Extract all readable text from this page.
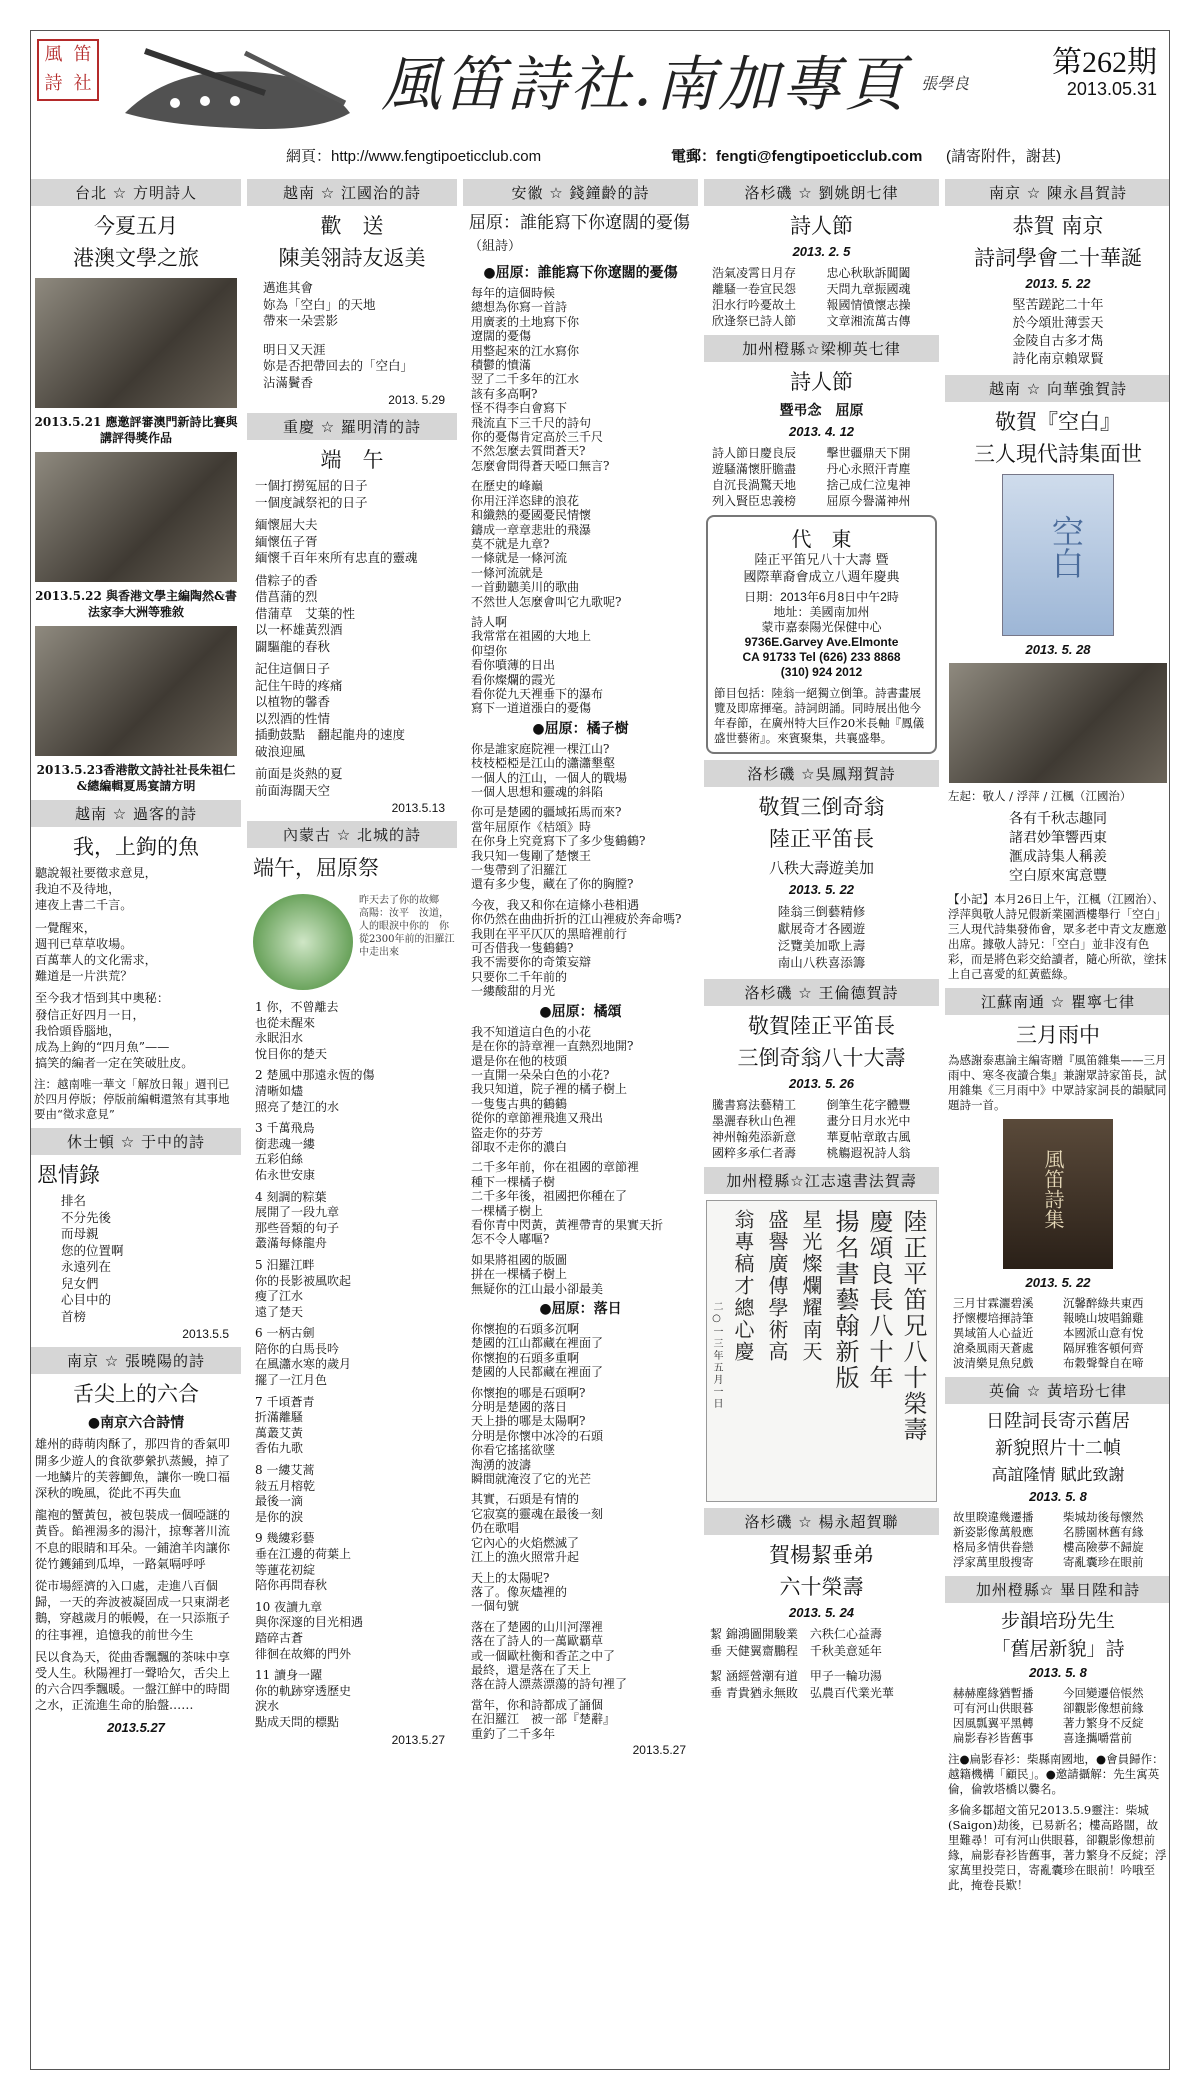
風 笛
詩 社	風笛詩社.南加專頁 張學良
第262期
2013.05.31
網頁：http://www.fengtipoeticclub.com	電郵：fengti@fengtipoeticclub.com (請寄附件，謝甚)
台北 ☆ 方明詩人
今夏五月
港澳文學之旅
2013.5.21 應邀評審澳門新詩比賽與講評得獎作品
2013.5.22 與香港文學主編陶然&書法家李大洲等雅敘
2013.5.23香港散文詩社社長朱祖仁&總編輯夏馬宴請方明
越南 ☆ 過客的詩
我，上鉤的魚
聽說報社要徵求意見，
我迫不及待地，
連夜上書二千言。
一覺醒來，
週刊已草草收場。
百萬華人的文化需求，
難道是一片洪荒？
至今我才悟到其中奧秘：
發信正好四月一日，
我恰頭昏腦地，
成為上鉤的“四月魚”——
搞笑的編者一定在笑破肚皮。
注：越南唯一華文「解放日報」週刊已於四月停版；停版前編輯還煞有其事地要由“徵求意見”
休士頓 ☆ 于中的詩
恩情錄
排名
不分先後
而母親
您的位置啊
永遠列在
兒女們
心目中的
首榜
2013.5.5
南京 ☆ 張曉陽的詩
舌尖上的六合
●南京六合詩情

雄州的蒔萌肉酥了，那四肯的香氣叩開多少遊人的食欲夢縈扒蒸鰻，掉了一地鱗片的芙蓉鯽魚，讓你一晚口福深秋的晚風，從此不再失血

龍袍的蟹黃包，被包裝成一個啞謎的黃昏。餡裡湯多的湯汁，掠奪著川流不息的眼睛和耳朵。一鋪滄羊肉讓你從竹鑊鋪到瓜埠，一路氣嗝呼呼

從市場經濟的入口處，走進八百個歸，一天的奔波被凝固成一只東湖老鵝，穿越歲月的帳幔，在一只添瓶子的往事裡，追憶我的前世今生

民以食為天，從曲香飄飄的茶味中享受人生。秋陽裡打一聲哈欠，舌尖上的六合四季飄暖。一盤江鮮中的時間之水，正流進生命的胎盤……

2013.5.27
越南 ☆ 江國治的詩
歡　送
陳美翎詩友返美
邁進其會
妳為「空白」的天地
帶來一朵雲影
明日又天涯
妳是否把帶回去的「空白」
沾滿鬢香
2013. 5.29
重慶 ☆ 羅明清的詩
端　午
一個打撈冤屈的日子
一個度誠祭祀的日子
緬懷屈大夫
緬懷伍子胥
緬懷千百年來所有忠直的靈魂
借粽子的香
借菖蒲的烈
借蒲草　艾葉的性
以一杯雄黃烈酒
闢驅龍的春秋
記住這個日子
記住午時的疼痛
以植物的馨香
以烈酒的性情
插動鼓點　翻起龍舟的速度
破浪迎風
前面是炎熱的夏
前面海闊天空
2013.5.13
內蒙古 ☆ 北城的詩
端午，屈原祭
昨天去了你的故鄉　高陽：汝平　汝道，人的眼淚中你的　你從2300年前的汨羅江中走出來
1 你，不曾離去
也從未醒來
永眠汨水
悅目你的楚天
2 楚風中那遠永恆的傷
清晰如燼
照亮了楚江的水
3 千萬飛鳥
銜悲魂一縷
五彩伯絲
佑永世安康
4 刻調的粽葉
展開了一段九章
那些晉類的句子
叢滿每條龍舟
5 汨羅江畔
你的長影被風吹起
瘦了江水
遠了楚天
6 一柄古劍
陪你的白馬長吟
在風瀟水寒的歲月
擺了一江月色
7 千頃蒼青
折滿離騷
萬叢艾黃
香佑九歌
8 一縷艾蒿
敍五月榕乾
最後一滴
是你的淚
9 幾縷彩藝
垂在江邊的荷葉上
等蓮花初綻
陪你再問春秋
10 夜讀九章
與你深邃的目光相遇
踏碎古蒼
徘徊在故鄉的門外
11 讀身一躍
你的軌跡穿透歷史
淚水
點成天問的標點
2013.5.27
安徽 ☆ 錢鐘齡的詩
屈原：誰能寫下你遼闊的憂傷（組詩）
●屈原：誰能寫下你遼闊的憂傷
每年的這個時候
總想為你寫一首詩
用廣袤的土地寫下你
遼闊的憂傷
用整起來的江水寫你
積鬱的憤滿
翌了二千多年的江水
該有多高啊?
怪不得李白會寫下
飛流直下三千尺的詩句
你的憂傷肯定高於三千尺
不然怎麼去質問蒼天?
怎麼會問得蒼天啞口無言?
在歷史的峰巔
你用汪洋恣肆的浪花
和纖熱的憂國憂民情懷
鑄成一章章悲壯的飛瀑
莫不就是九章?
一條就是一條河流
一條河流就是
一首動聽美川的歌曲
不然世人怎麼會叫它九歌呢?
詩人啊
我常常在祖國的大地上
仰望你
看你噴薄的日出
看你燦爛的霞光
看你從九天裡垂下的瀑布
寫下一道道漲白的憂傷
●屈原：橘子樹
你是誰家庭院裡一棵江山?
枝枝椏椏是江山的瀟瀟墾壑
一個人的江山，一個人的戰場
一個人思想和靈魂的斜陷
你可是楚國的疆域拓馬而來?
當年屈原作《桔頌》時
在你身上究竟寫下了多少隻鶴鶴?
我只知一隻剛了楚懷王
一隻帶到了汨羅江
還有多少隻，藏在了你的胸膛?
今夜，我又和你在這條小巷相遇
你仍然在曲曲折折的江山裡疲於奔命嗎?
我則在平平仄仄的黑暗裡前行
可否借我一隻鶴鶴?
我不需要你的奇策妄辯
只要你二千年前的
一縷酸甜的月光
●屈原：橘頌
我不知道這白色的小花
是在你的詩章裡一直熱烈地開?
還是你在他的枝頭
一直開一朵朵白色的小花?
我只知道，院子裡的橘子樹上
一隻隻古典的鶴鶴
從你的章節裡飛進又飛出
盜走你的芬芳
卻取不走你的濃白
二千多年前，你在祖國的章節裡
種下一棵橘子樹
二千多年後，祖國把你種在了
一棵橘子樹上
看你青中閃黃，黃裡帶青的果實天折
怎不令人嘟嘔?
如果將祖國的版圖
拼在一棵橘子樹上
無疑你的江山最小卻最美
●屈原：落日
你懷抱的石頭多沉啊
楚國的江山都藏在裡面了
你懷抱的石頭多重啊
楚國的人民都藏在裡面了
你懷抱的哪是石頭啊?
分明是楚國的落日
天上掛的哪是太陽啊?
分明是你懷中冰冷的石頭
你看它搖搖欲墜
淘湧的波濤
瞬間就淹沒了它的光芒
其實，石頭是有情的
它寂寞的靈魂在最後一刻
仍在歌唱
它內心的火焰燃滅了
江上的漁火照常升起
天上的太陽呢?
落了。像灰燼裡的
一個句號
落在了楚國的山川河澤裡
落在了詩人的一萬歐覇草
或一個歐杜衡和香芷之中了
最終，還是落在了天上
落在詩人漂蒸漂蕩的詩句裡了
當年，你和詩都成了誦個
在汨羅江　被一部『楚辭』
重釣了二千多年
2013.5.27
洛杉磯 ☆ 劉姚朗七律
詩人節
2013. 2. 5
浩氣凌霄日月存	忠心秋耿訴閶闔
離騷一卷宣民怨	天問九章振國魂
汨水行吟憂故土	報國情憤懷志操
欣逢祭已詩人節	文章湘流萬古傳
加州橙縣☆梁柳英七律
詩人節
暨弔念　屈原
2013. 4. 12
詩人節日慶良辰	擊世疆鼎天下開
遊騷滿懷肝膽盡	丹心永照汗青塵
自沉長渦驚天地	捨己成仁泣鬼神
列入賢臣忠義榜	屈原今譽滿神州
代　東
陸正平笛兄八十大壽 暨
國際華裔會成立八週年慶典
日期：2013年6月8日中午2時
地址：美國南加州
蒙市嘉泰陽光保健中心
9736E.Garvey Ave.Elmonte
CA 91733 Tel (626) 233 8868
(310) 924 2012
節目包括：陸翁一絕獨立倒筆。詩書畫展覽及即席揮毫。詩詞朗誦。同時展出他今年春節，在廣州特大巨作20米長軸『鳳儀盛世藝術』。來賓聚集，共襄盛舉。
洛杉磯 ☆吳鳳翔賀詩
敬賀三倒奇翁
陸正平笛長
八秩大壽遊美加
2013. 5. 22
陸翁三倒藝精修
獻展奇才各國遊
泛覽美加歌上壽
南山八秩喜添籌
洛杉磯 ☆ 王倫德賀詩
敬賀陸正平笛長
三倒奇翁八十大壽
2013. 5. 26
騰書寫法藝精工	倒筆生花字體豐
墨灑春秋山色裡	畫分日月水光中
神州翰苑添新意	華夏帖章敢古風
國粹多承仁者壽	桃觴遐祝詩人翁
加州橙縣☆江志遠書法賀壽
陸正平笛兄八十榮壽
慶頌良長八十年
揚名書藝翰新版
星光燦爛耀南天
盛譽廣傳學術高
翁專稿才總心慶
二○一三年五月一日
洛杉磯 ☆ 楊永超賀聯
賀楊絜垂弟
六十榮壽
2013. 5. 24
絜 錦鴻圖開駿業　六秩仁心益壽
垂 天健翼齋鵬程　千秋美意延年
絜 涵經營潮有道　甲子一輪功湯
垂 青貴猶永無敗　弘農百代業光華
南京 ☆ 陳永昌賀詩
恭賀 南京
詩詞學會二十華誕
2013. 5. 22
堅苦蹉跎二十年
於今頌壯薄雲天
金陵自古多才雋
詩化南京賴眾賢
越南 ☆ 向華強賀詩
敬賀『空白』
三人現代詩集面世
空白
2013. 5. 28
左起：敬人 / 浮萍 / 江楓（江國治）
各有千秋志趣同
諸君妙筆響西東
滙成詩集人稱羨
空白原來寓意豐
【小記】本月26日上午，江楓（江國治）、浮萍與敬人詩兄假新業園酒樓舉行「空白」三人現代詩集發佈會，眾多老中青文友應邀出席。據敬人詩兄：「空白」並非沒有色彩，而是將色彩交給讀者，隨心所欲，塗抹上自己喜愛的紅黃藍綠。
江蘇南通 ☆ 瞿寧七律
三月雨中
為感謝泰惠論主編寄贈『風笛雜集——三月雨中、寒冬夜讀合集』兼謝眾詩家笛長，試用雜集《三月雨中》中眾詩家詞長的韻賦同題詩一首。
風笛詩集
2013. 5. 22
三月甘霖灑碧溪	沉馨醉綠共東西
抒懷櫻培揮詩筆	報曉山坡唱錦雞
異域笛人心益近	本國派山意有悅
滄桑風雨天蒼處	隔屏雅客頓何齊
波清樂見魚兒戲	布穀聲聲自在啼
英倫 ☆ 黃培玢七律
日陞詞長寄示舊居
新貌照片十二幀
高誼隆情 賦此致謝
2013. 5. 8
故里睽違幾遷播	柴城劫後每懷然
新姿影像萬般應	名勝園林舊有緣
格局多情供眷戀	樓高險夢不歸旋
浮家萬里殷搜寄	寄亂囊珍在眼前
加州橙縣☆ 畢日陞和詩
步韻培玢先生
「舊居新貌」詩
2013. 5. 8
赫赫塵緣猶暫播	今回變遷倍悵然
可有河山供眼暮	卻觀影像想前緣
因風瓢翼平黑轉	著力繁身不反綻
扁影春衫皆舊事	喜逢攜嚼當前
注●扁影春衫：柴縣南國地，●會員歸作：越籍機構「顧民」。●邀請攝解：先生寓英倫，倫敦塔橋以爨名。
多倫多鄒超文笛兄2013.5.9靈注：柴城(Saigon)劫後，已易新名；樓高路闊，故里難尋！可有河山供眼暮，卻觀影像想前緣，扁影春衫皆舊事，著力繁身不反綻；浮家萬里投莞日，寄亂囊珍在眼前！吟哦至此，掩卷長歎！
